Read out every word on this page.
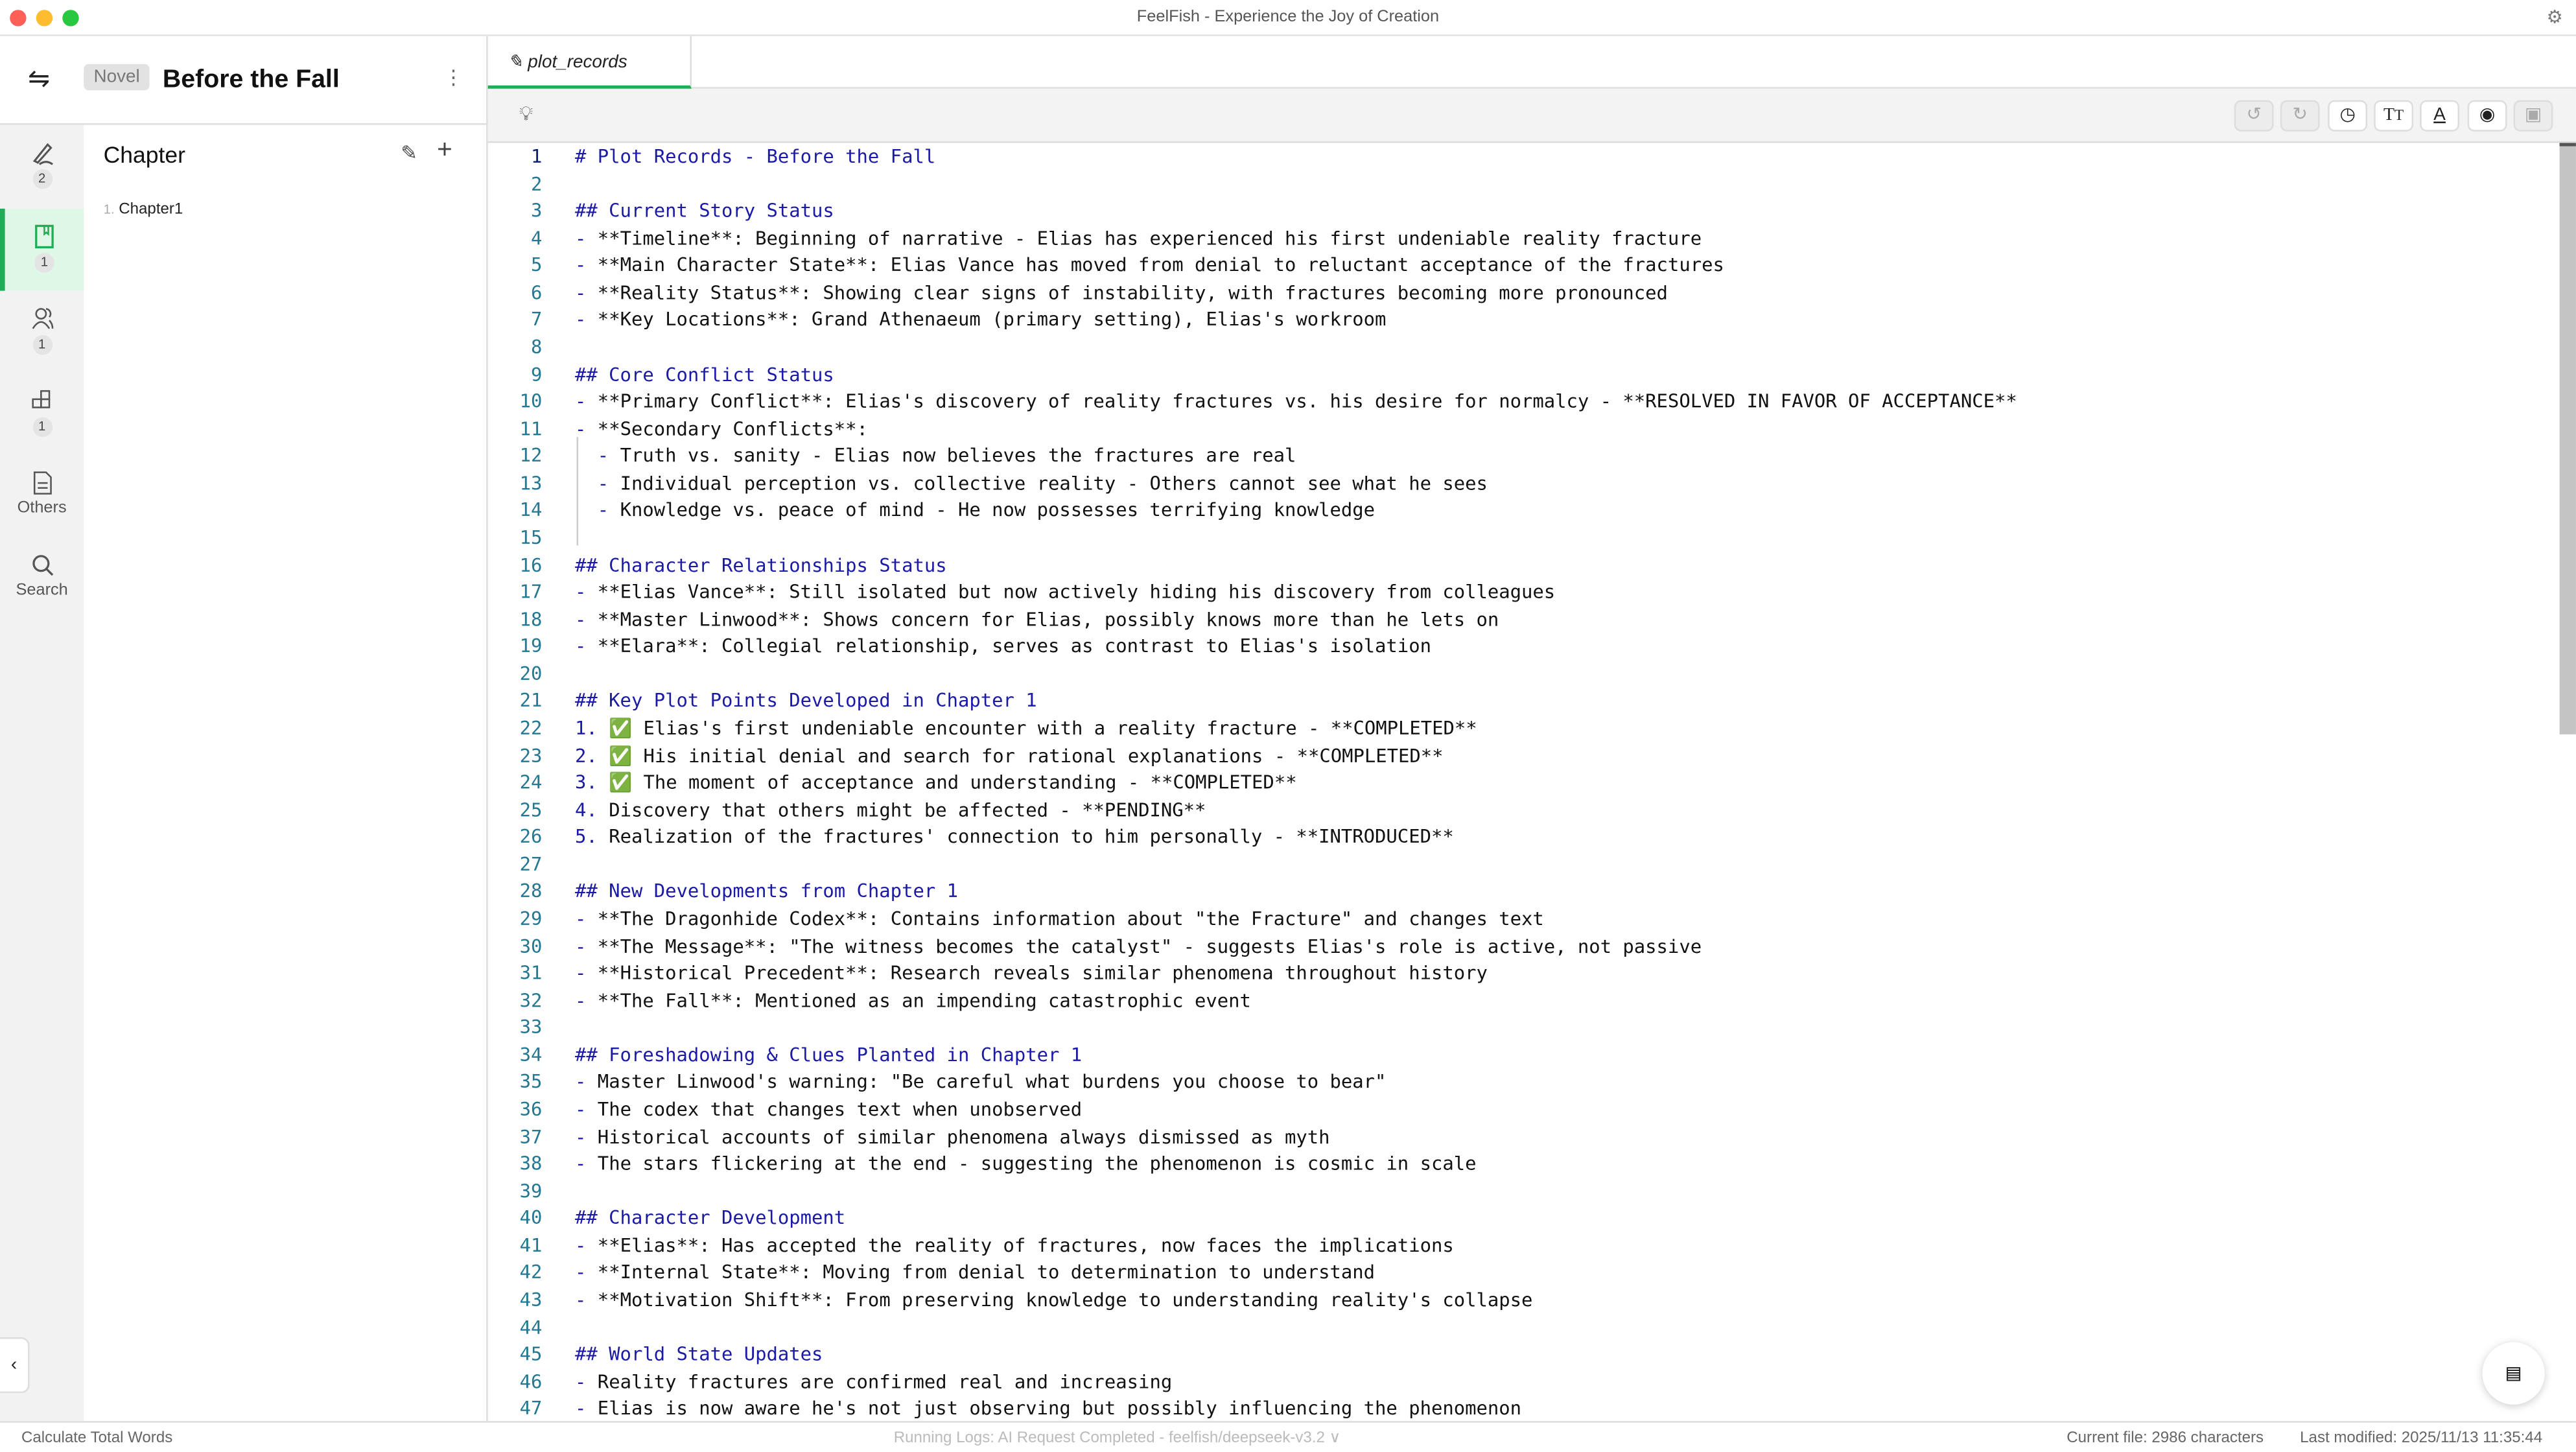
FeelFish - Experience the Joy of Creation	⚙
⇋	Novel	Before the Fall	⋮
2
1
1
1
Others
Search
‹
Chapter	✎ +
1. Chapter1
✎ plot_records
💡︎	↺	↻	◷	TT	A	◉	▣
1	# Plot Records - Before the Fall
2
3	## Current Story Status
4	- **Timeline**: Beginning of narrative - Elias has experienced his first undeniable reality fracture
5	- **Main Character State**: Elias Vance has moved from denial to reluctant acceptance of the fractures
6	- **Reality Status**: Showing clear signs of instability, with fractures becoming more pronounced
7	- **Key Locations**: Grand Athenaeum (primary setting), Elias's workroom
8
9	## Core Conflict Status
10	- **Primary Conflict**: Elias's discovery of reality fractures vs. his desire for normalcy - **RESOLVED IN FAVOR OF ACCEPTANCE**
11	- **Secondary Conflicts**:
12	- Truth vs. sanity - Elias now believes the fractures are real
13	- Individual perception vs. collective reality - Others cannot see what he sees
14	- Knowledge vs. peace of mind - He now possesses terrifying knowledge
15
16	## Character Relationships Status
17	- **Elias Vance**: Still isolated but now actively hiding his discovery from colleagues
18	- **Master Linwood**: Shows concern for Elias, possibly knows more than he lets on
19	- **Elara**: Collegial relationship, serves as contrast to Elias's isolation
20
21	## Key Plot Points Developed in Chapter 1
22	1. ✅ Elias's first undeniable encounter with a reality fracture - **COMPLETED**
23	2. ✅ His initial denial and search for rational explanations - **COMPLETED**
24	3. ✅ The moment of acceptance and understanding - **COMPLETED**
25	4. Discovery that others might be affected - **PENDING**
26	5. Realization of the fractures' connection to him personally - **INTRODUCED**
27
28	## New Developments from Chapter 1
29	- **The Dragonhide Codex**: Contains information about "the Fracture" and changes text
30	- **The Message**: "The witness becomes the catalyst" - suggests Elias's role is active, not passive
31	- **Historical Precedent**: Research reveals similar phenomena throughout history
32	- **The Fall**: Mentioned as an impending catastrophic event
33
34	## Foreshadowing & Clues Planted in Chapter 1
35	- Master Linwood's warning: "Be careful what burdens you choose to bear"
36	- The codex that changes text when unobserved
37	- Historical accounts of similar phenomena always dismissed as myth
38	- The stars flickering at the end - suggesting the phenomenon is cosmic in scale
39
40	## Character Development
41	- **Elias**: Has accepted the reality of fractures, now faces the implications
42	- **Internal State**: Moving from denial to determination to understand
43	- **Motivation Shift**: From preserving knowledge to understanding reality's collapse
44
45	## World State Updates
46	- Reality fractures are confirmed real and increasing
47	- Elias is now aware he's not just observing but possibly influencing the phenomenon
▤
Calculate Total Words	Running Logs: AI Request Completed - feelfish/deepseek-v3.2 ∨	Current file: 2986 characters	Last modified: 2025/11/13 11:35:44
